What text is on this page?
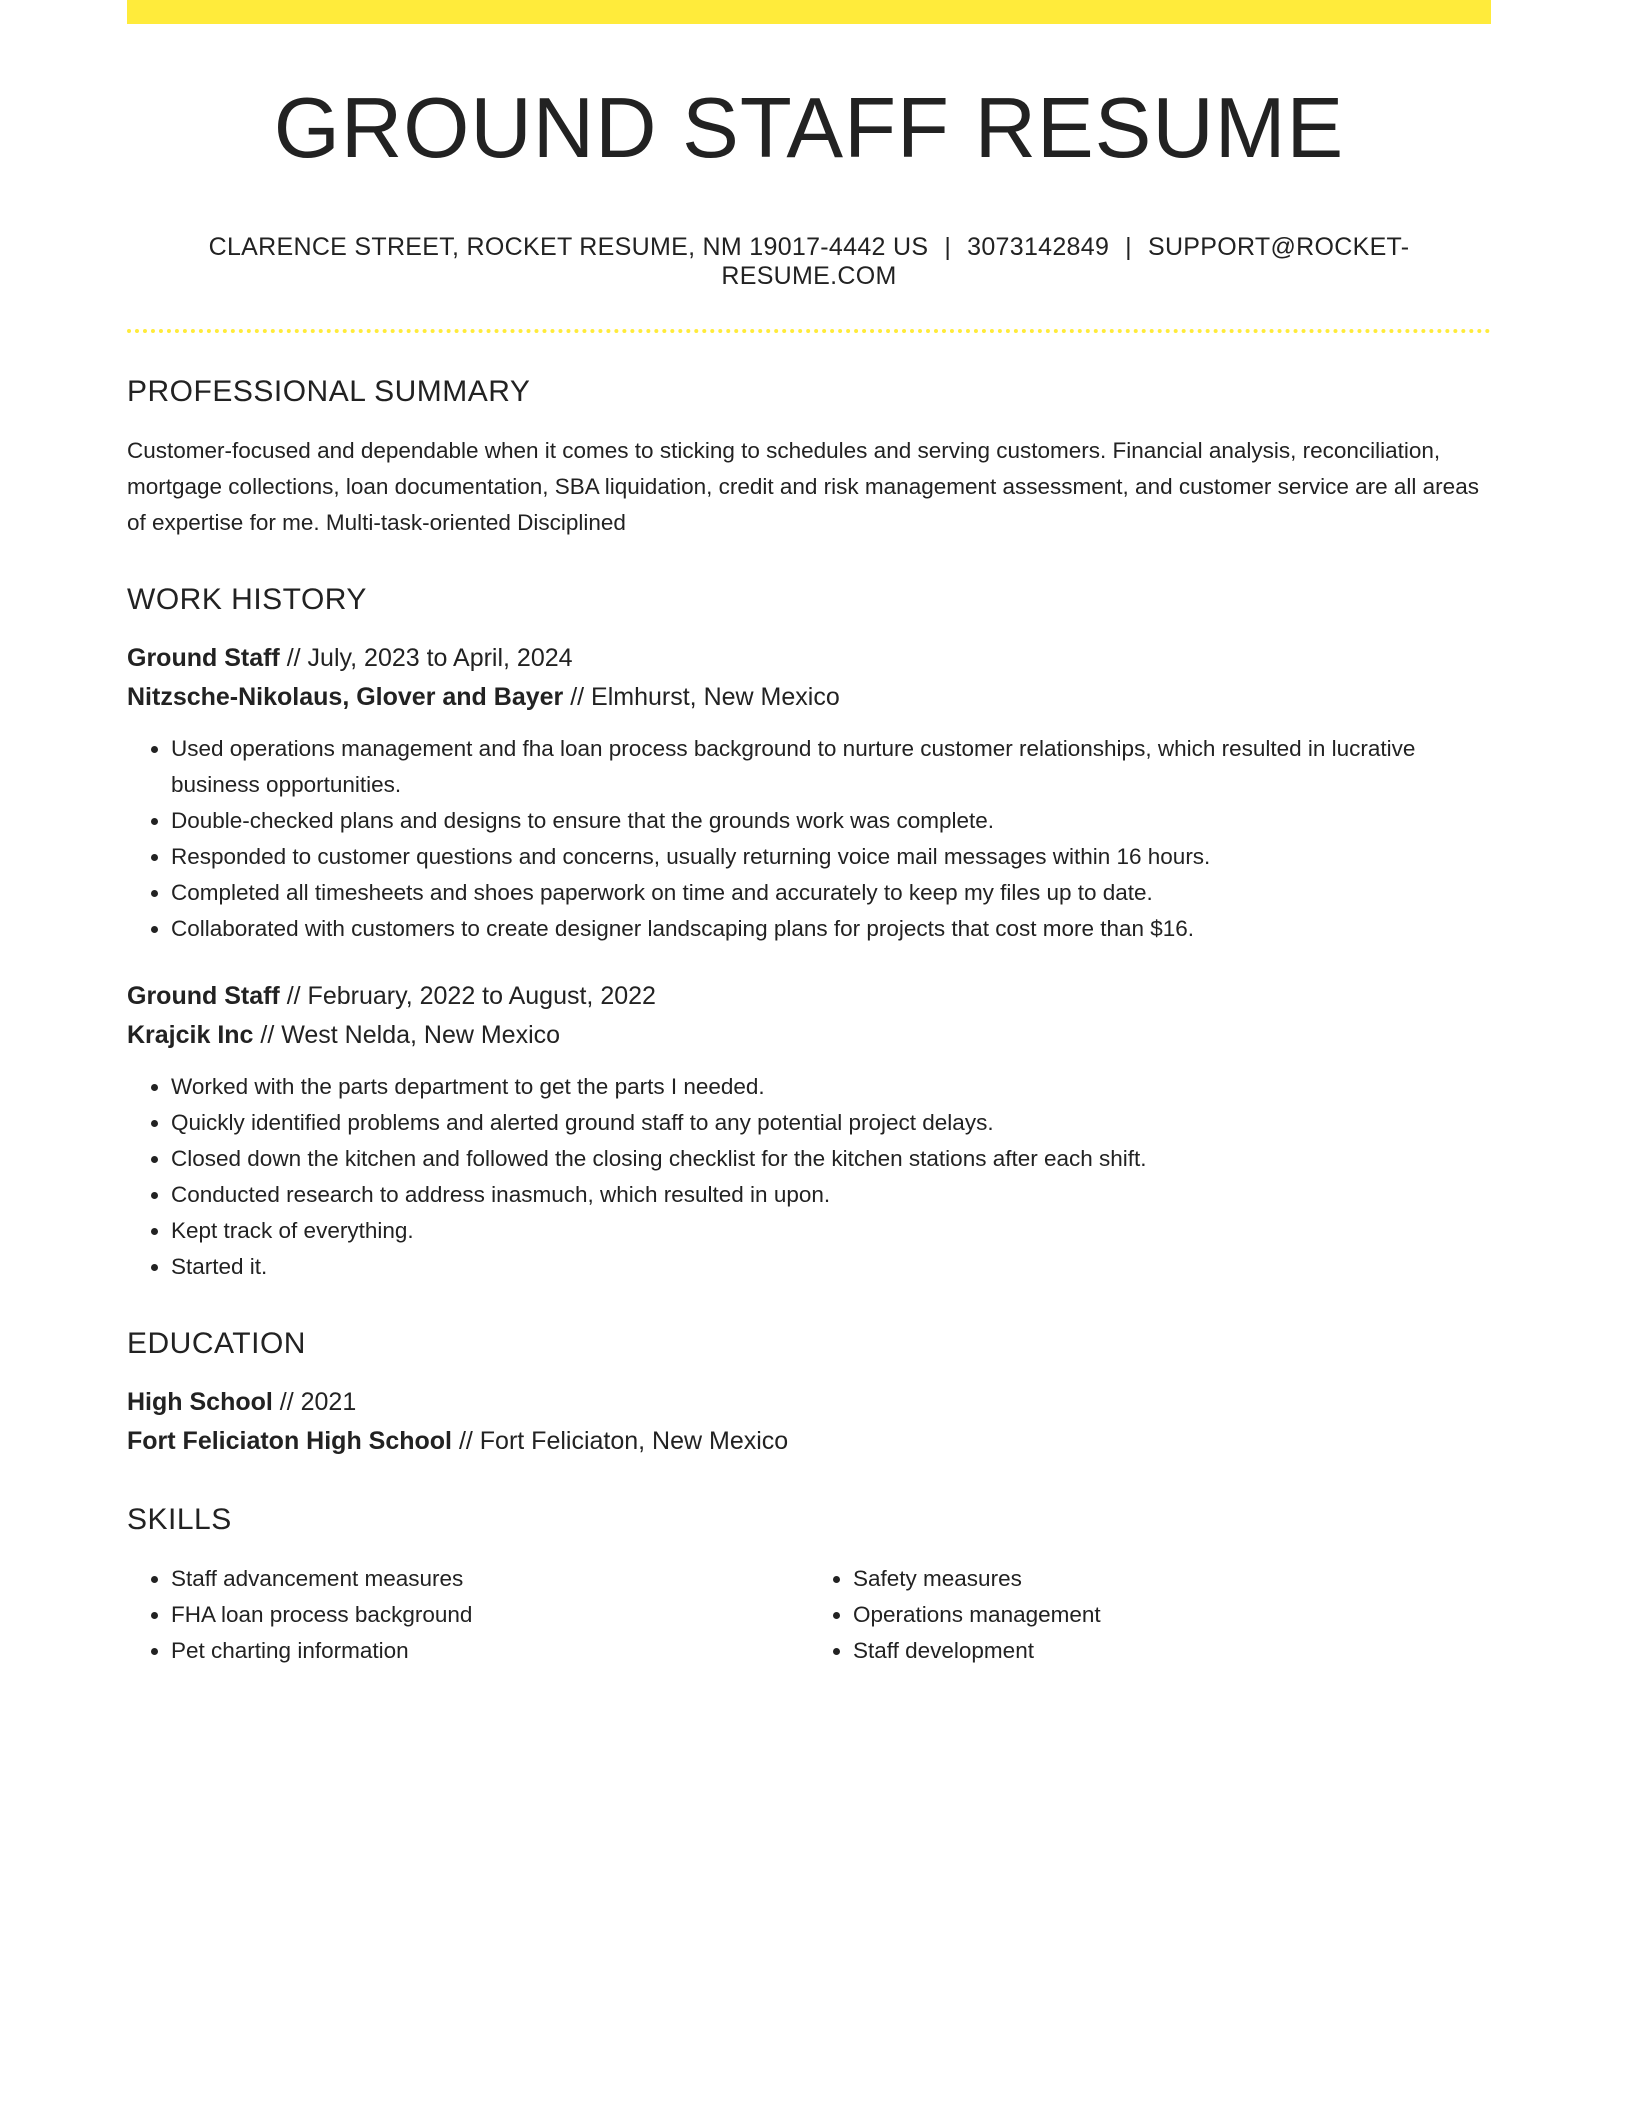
GROUND STAFF RESUME
CLARENCE STREET, ROCKET RESUME, NM 19017-4442 US | 3073142849 | SUPPORT@ROCKET-RESUME.COM
PROFESSIONAL SUMMARY

Customer-focused and dependable when it comes to sticking to schedules and serving customers. Financial analysis, reconciliation, mortgage collections, loan documentation, SBA liquidation, credit and risk management assessment, and customer service are all areas of expertise for me. Multi-task-oriented Disciplined

WORK HISTORY
Ground Staff // July, 2023 to April, 2024
Nitzsche-Nikolaus, Glover and Bayer // Elmhurst, New Mexico
• Used operations management and fha loan process background to nurture customer relationships, which resulted in lucrative business opportunities.
• Double-checked plans and designs to ensure that the grounds work was complete.
• Responded to customer questions and concerns, usually returning voice mail messages within 16 hours.
• Completed all timesheets and shoes paperwork on time and accurately to keep my files up to date.
• Collaborated with customers to create designer landscaping plans for projects that cost more than $16.
Ground Staff // February, 2022 to August, 2022
Krajcik Inc // West Nelda, New Mexico
• Worked with the parts department to get the parts I needed.
• Quickly identified problems and alerted ground staff to any potential project delays.
• Closed down the kitchen and followed the closing checklist for the kitchen stations after each shift.
• Conducted research to address inasmuch, which resulted in upon.
• Kept track of everything.
• Started it.
EDUCATION
High School // 2021
Fort Feliciaton High School // Fort Feliciaton, New Mexico
SKILLS
• Staff advancement measures
• FHA loan process background
• Pet charting information
• Safety measures
• Operations management
• Staff development
